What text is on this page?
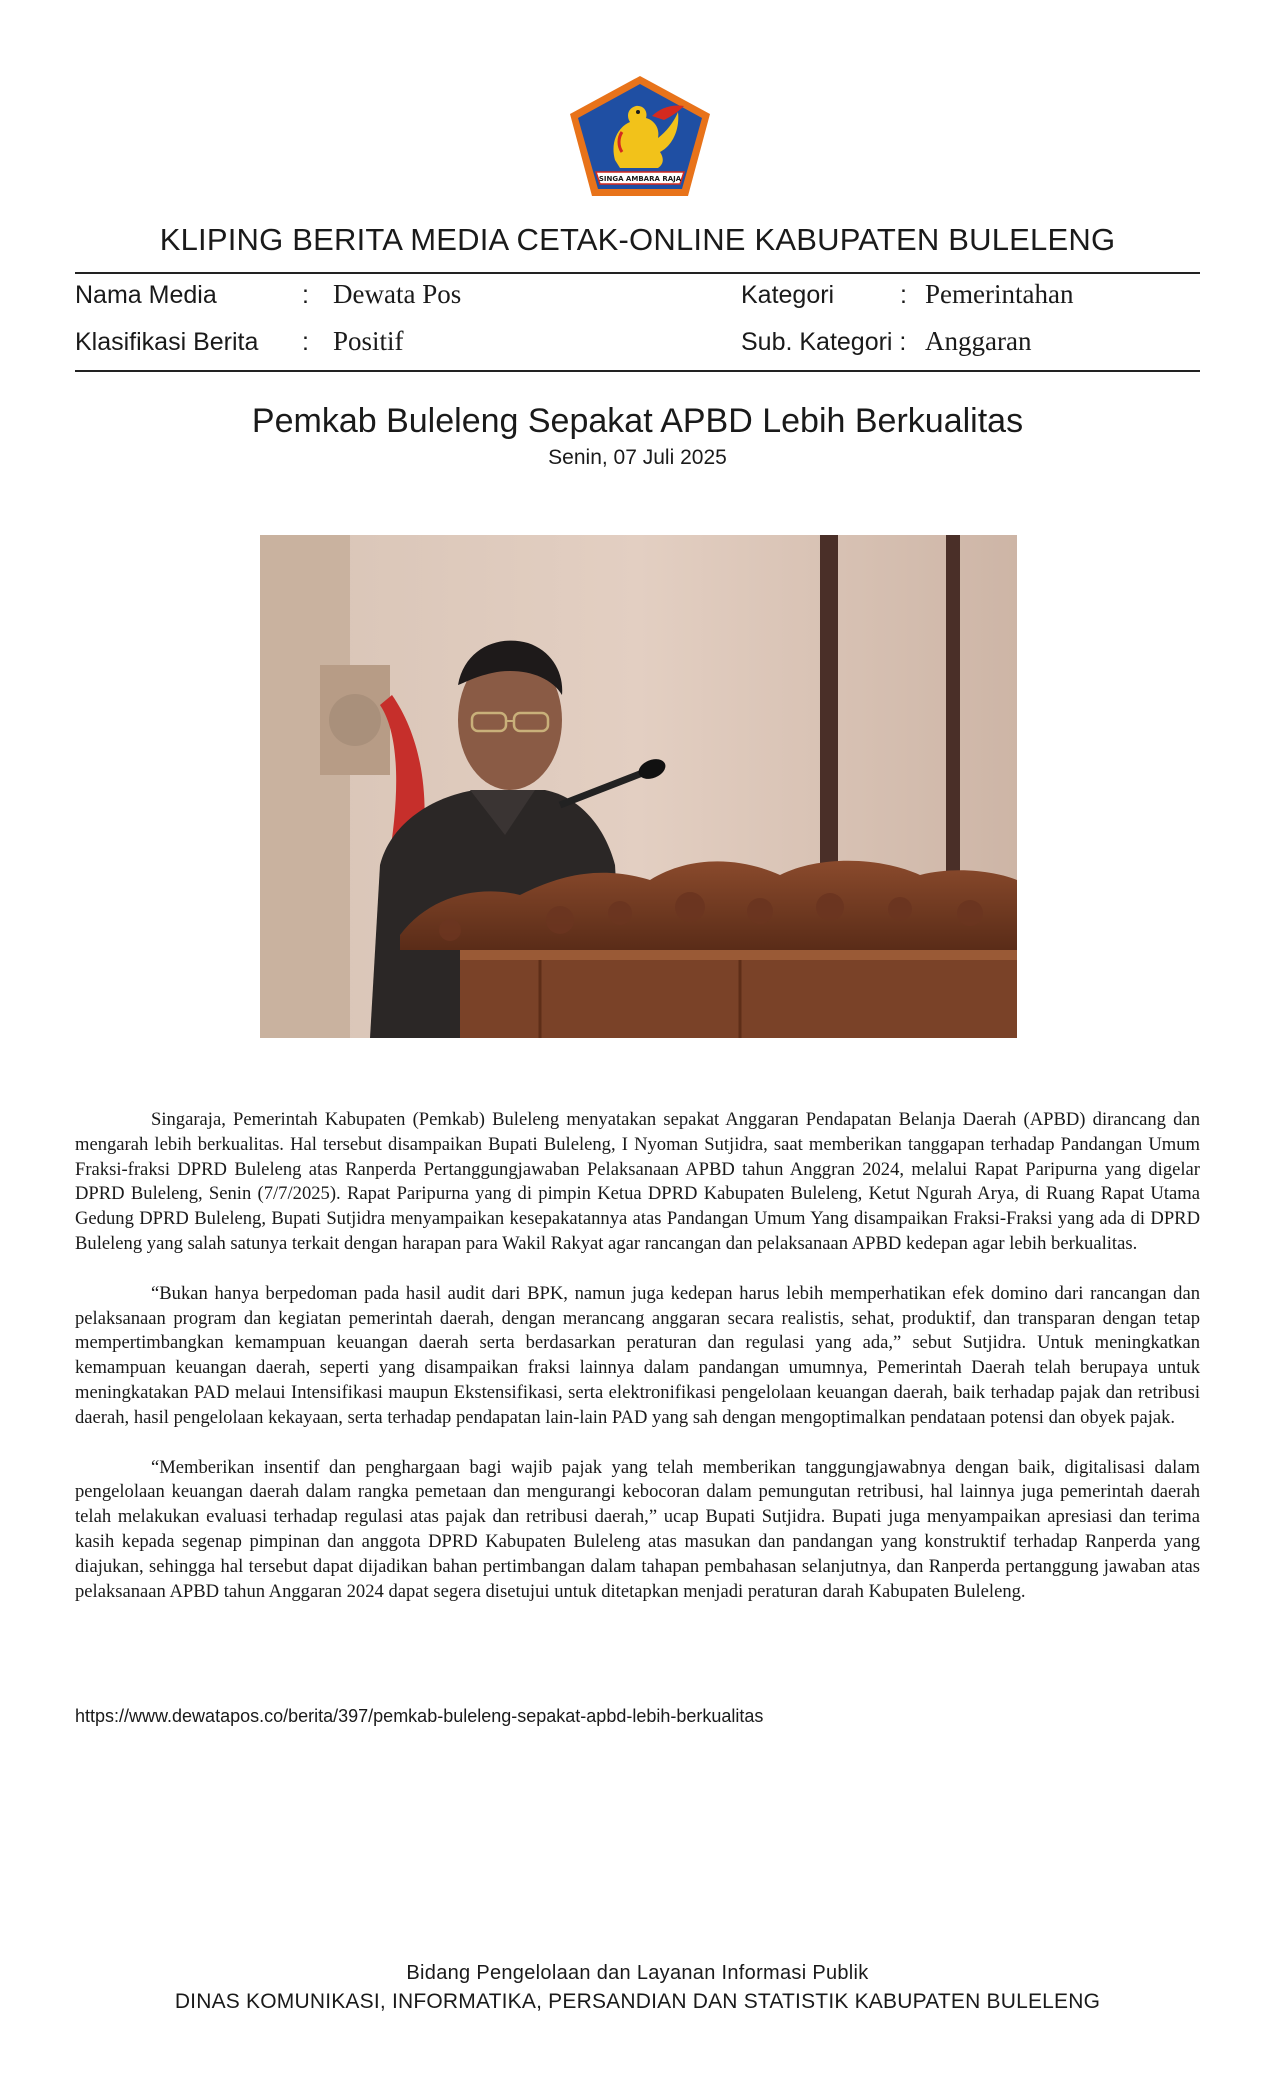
SINGA AMBARA RAJA
KLIPING BERITA MEDIA CETAK-ONLINE KABUPATEN BULELENG
Nama Media	: Dewata Pos
Klasifikasi Berita : Positif
Kategori	: Pemerintahan
Sub. Kategori : Anggaran
Pemkab Buleleng Sepakat APBD Lebih Berkualitas
Senin, 07 Juli 2025

Singaraja, Pemerintah Kabupaten (Pemkab) Buleleng menyatakan sepakat Anggaran Pendapatan Belanja Daerah (APBD) dirancang dan mengarah lebih berkualitas. Hal tersebut disampaikan Bupati Buleleng, I Nyoman Sutjidra, saat memberikan tanggapan terhadap Pandangan Umum Fraksi-fraksi DPRD Buleleng atas Ranperda Pertanggungjawaban Pelaksanaan APBD tahun Anggran 2024, melalui Rapat Paripurna yang digelar DPRD Buleleng, Senin (7/7/2025). Rapat Paripurna yang di pimpin Ketua DPRD Kabupaten Buleleng, Ketut Ngurah Arya, di Ruang Rapat Utama Gedung DPRD Buleleng, Bupati Sutjidra menyampaikan kesepakatannya atas Pandangan Umum Yang disampaikan Fraksi-Fraksi yang ada di DPRD Buleleng yang salah satunya terkait dengan harapan para Wakil Rakyat agar rancangan dan pelaksanaan APBD kedepan agar lebih berkualitas.

“Bukan hanya berpedoman pada hasil audit dari BPK, namun juga kedepan harus lebih memperhatikan efek domino dari rancangan dan pelaksanaan program dan kegiatan pemerintah daerah, dengan merancang anggaran secara realistis, sehat, produktif, dan transparan dengan tetap mempertimbangkan kemampuan keuangan daerah serta berdasarkan peraturan dan regulasi yang ada,” sebut Sutjidra. Untuk meningkatkan kemampuan keuangan daerah, seperti yang disampaikan fraksi lainnya dalam pandangan umumnya, Pemerintah Daerah telah berupaya untuk meningkatakan PAD melaui Intensifikasi maupun Ekstensifikasi, serta elektronifikasi pengelolaan keuangan daerah, baik terhadap pajak dan retribusi daerah, hasil pengelolaan kekayaan, serta terhadap pendapatan lain-lain PAD yang sah dengan mengoptimalkan pendataan potensi dan obyek pajak.

“Memberikan insentif dan penghargaan bagi wajib pajak yang telah memberikan tanggungjawabnya dengan baik, digitalisasi dalam pengelolaan keuangan daerah dalam rangka pemetaan dan mengurangi kebocoran dalam pemungutan retribusi, hal lainnya juga pemerintah daerah telah melakukan evaluasi terhadap regulasi atas pajak dan retribusi daerah,” ucap Bupati Sutjidra. Bupati juga menyampaikan apresiasi dan terima kasih kepada segenap pimpinan dan anggota DPRD Kabupaten Buleleng atas masukan dan pandangan yang konstruktif terhadap Ranperda yang diajukan, sehingga hal tersebut dapat dijadikan bahan pertimbangan dalam tahapan pembahasan selanjutnya, dan Ranperda pertanggung jawaban atas pelaksanaan APBD tahun Anggaran 2024 dapat segera disetujui untuk ditetapkan menjadi peraturan darah Kabupaten Buleleng.

https://www.dewatapos.co/berita/397/pemkab-buleleng-sepakat-apbd-lebih-berkualitas
Bidang Pengelolaan dan Layanan Informasi Publik
DINAS KOMUNIKASI, INFORMATIKA, PERSANDIAN DAN STATISTIK KABUPATEN BULELENG
